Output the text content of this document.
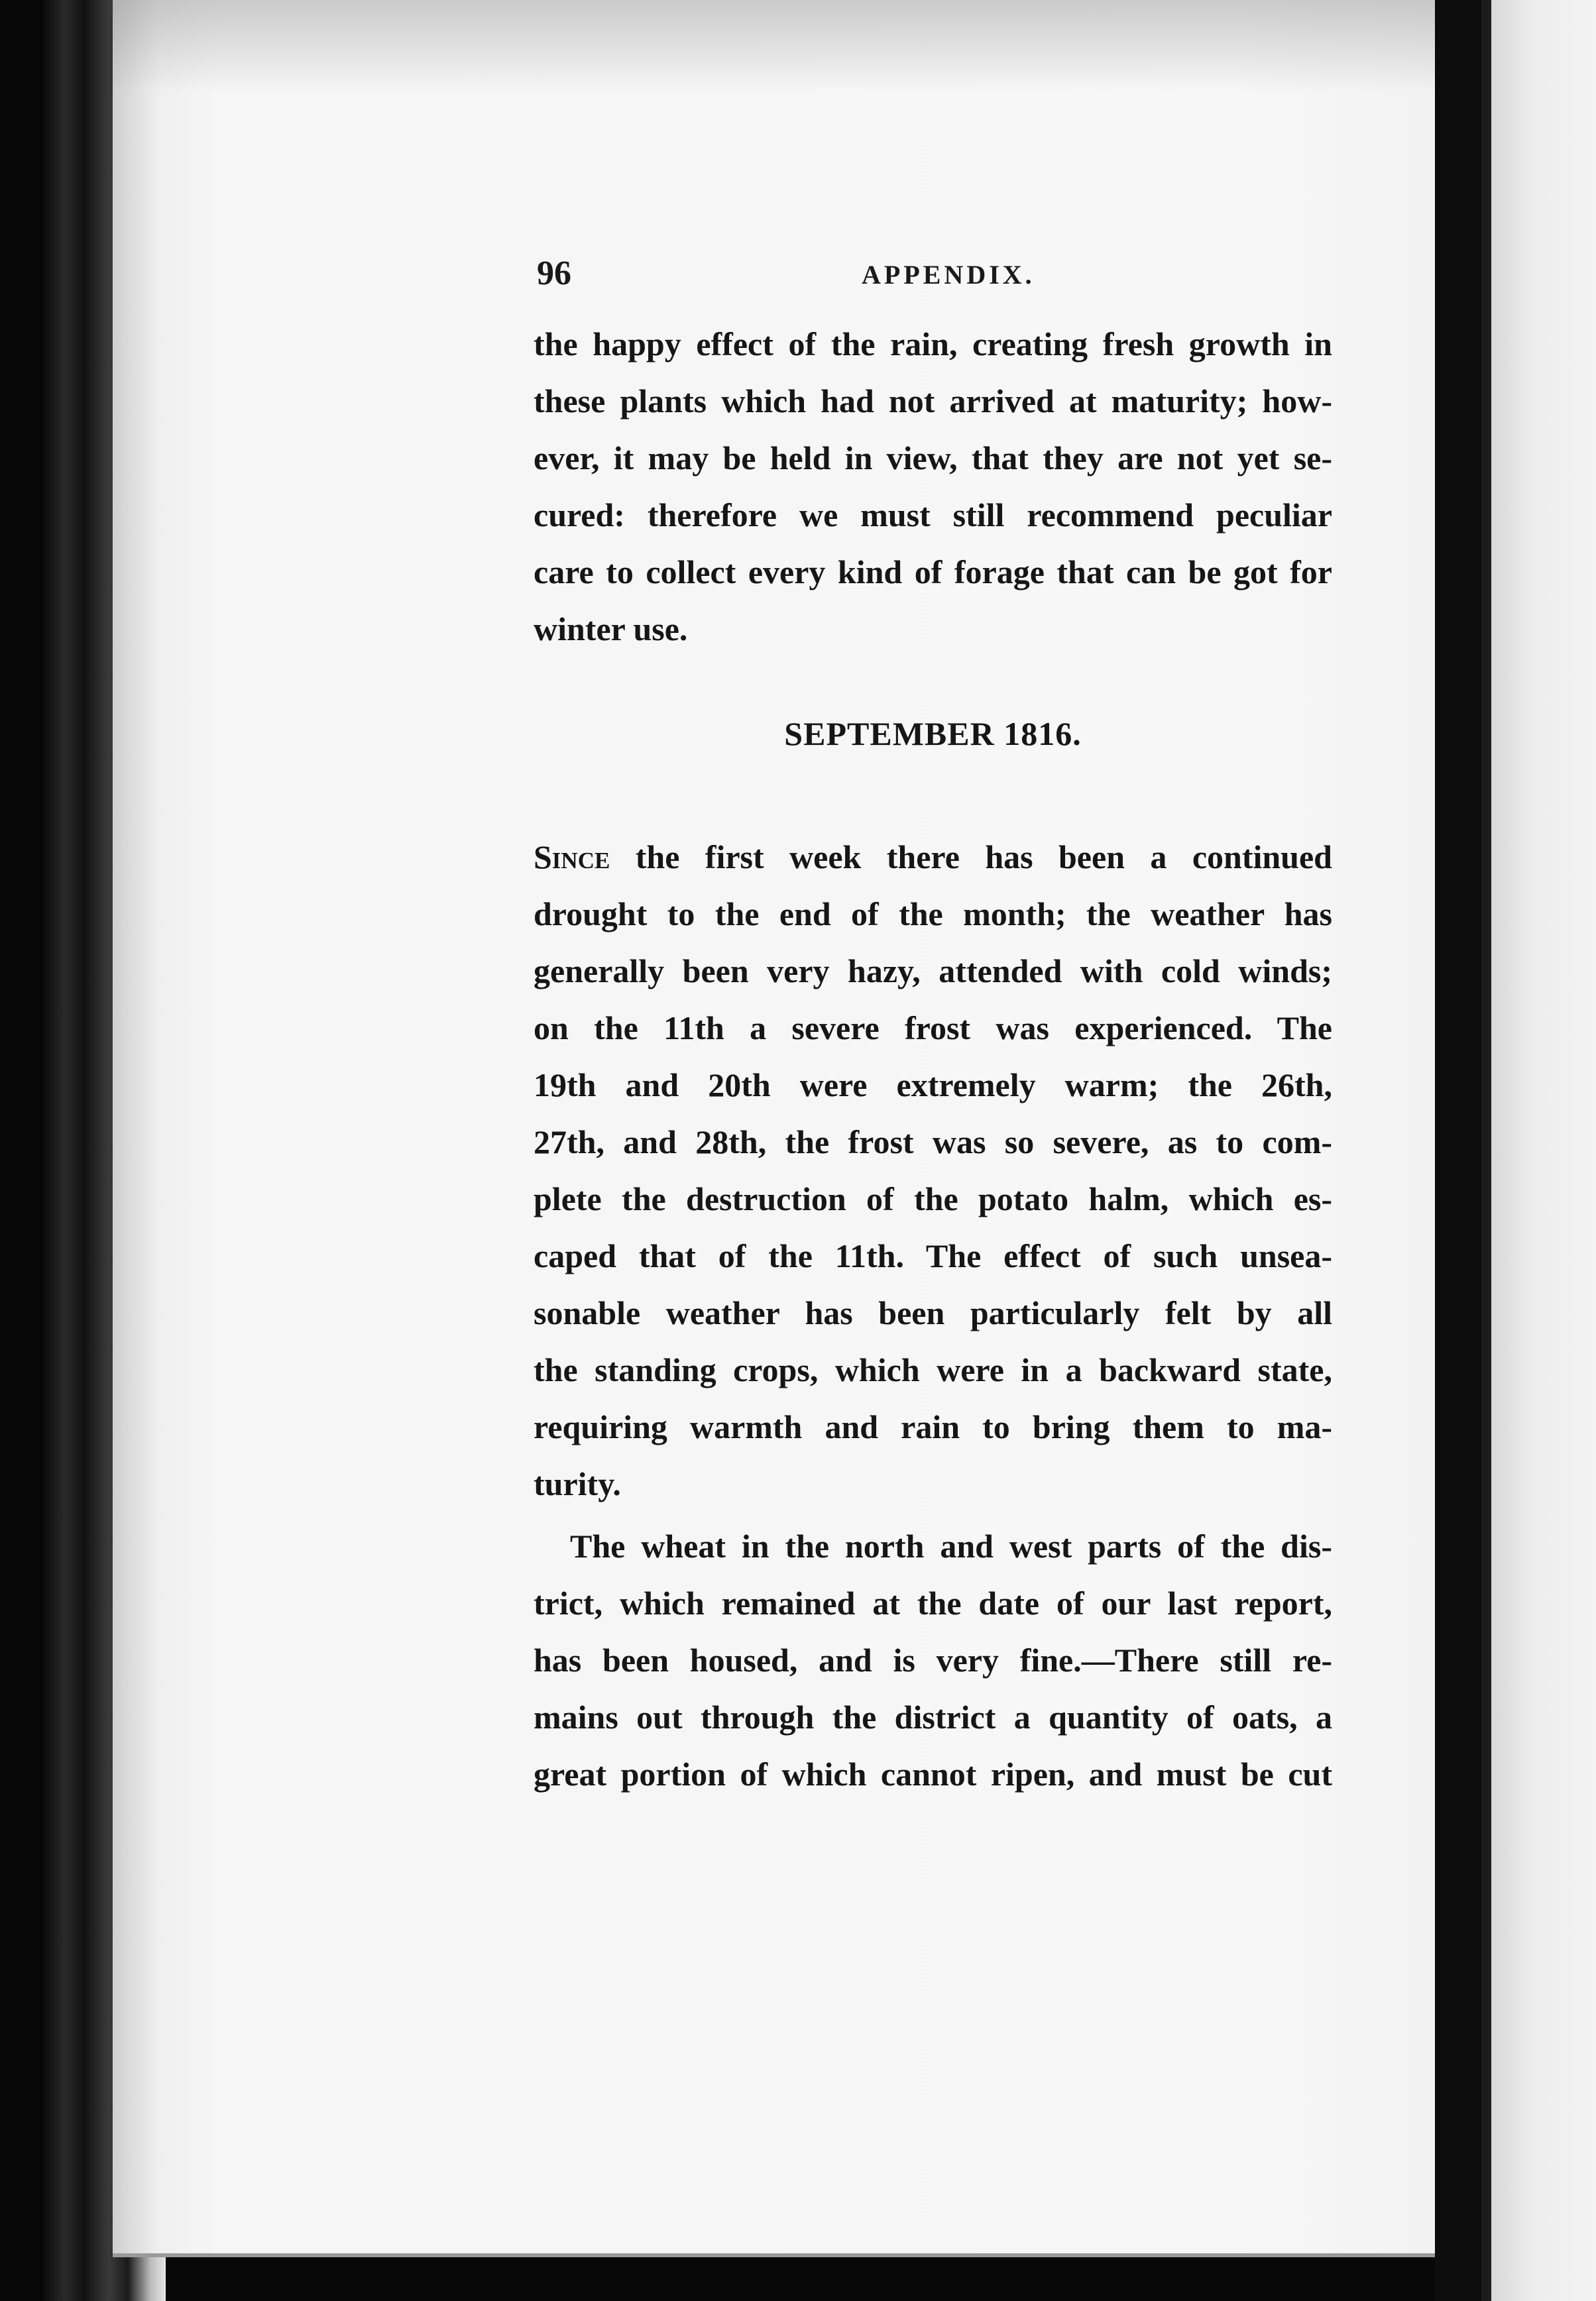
96	APPENDIX.
the happy effect of the rain, creating fresh growth in
these plants which had not arrived at maturity; how-
ever, it may be held in view, that they are not yet se-
cured: therefore we must still recommend peculiar
care to collect every kind of forage that can be got for
winter use.
SEPTEMBER 1816.
Since the first week there has been a continued
drought to the end of the month; the weather has
generally been very hazy, attended with cold winds;
on the 11th a severe frost was experienced. The
19th and 20th were extremely warm; the 26th,
27th, and 28th, the frost was so severe, as to com-
plete the destruction of the potato halm, which es-
caped that of the 11th. The effect of such unsea-
sonable weather has been particularly felt by all
the standing crops, which were in a backward state,
requiring warmth and rain to bring them to ma-
turity.
The wheat in the north and west parts of the dis-
trict, which remained at the date of our last report,
has been housed, and is very fine.—There still re-
mains out through the district a quantity of oats, a
great portion of which cannot ripen, and must be cut
